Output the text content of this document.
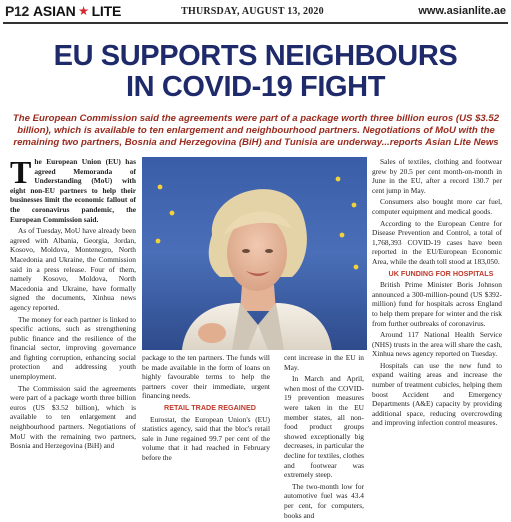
P12 ASIAN LITE	THURSDAY, AUGUST 13, 2020	www.asianlite.ae
EU SUPPORTS NEIGHBOURS
IN COVID-19 FIGHT
The European Commission said the agreements were part of a package worth three billion euros (US $3.52 billion), which is available to ten enlargement and neighbourhood partners. Negotiations of MoU with the remaining two partners, Bosnia and Herzegovina (BiH) and Tunisia are underway...reports Asian Lite News

The European Union (EU) has agreed Memoranda of Understanding (MoU) with eight non-EU partners to help their businesses limit the economic fallout of the coronavirus pandemic, the European Commission said.

As of Tuesday, MoU have already been agreed with Albania, Georgia, Jordan, Kosovo, Moldova, Montenegro, North Macedonia and Ukraine, the Commission said in a press release. Four of them, namely Kosovo, Moldova, North Macedonia and Ukraine, have formally signed the documents, Xinhua news agency reported.

The money for each partner is linked to specific actions, such as strengthening public finance and the resilience of the financial sector, improving governance and fighting corruption, enhancing social protection and addressing youth unemployment.

The Commission said the agreements were part of a package worth three billion euros (US $3.52 billion), which is available to ten enlargement and neighbourhood partners. Negotiations of MoU with the remaining two partners, Bosnia and Herzegovina (BiH) and

package to the ten partners. The funds will be made available in the form of loans on highly favourable terms to help the partners cover their immediate, urgent financing needs.

RETAIL TRADE REGAINED

Eurostat, the European Union's (EU) statistics agency, said that the bloc's retail sale in June regained 99.7 per cent of the volume that it had reached in February before the

cent increase in the EU in May.

In March and April, when most of the COVID-19 prevention measures were taken in the EU member states, all non-food product groups showed exceptionally big decreases, in particular the decline for textiles, clothes and footwear was extremely steep.

The two-month low for automotive fuel was 43.4 per cent, for computers, books and

Sales of textiles, clothing and footwear grew by 20.5 per cent month-on-month in June in the EU, after a record 130.7 per cent jump in May.

Consumers also bought more car fuel, computer equipment and medical goods.

According to the European Centre for Disease Prevention and Control, a total of 1,768,393 COVID-19 cases have been reported in the EU/European Economic Area, while the death toll stood at 183,050.

UK FUNDING FOR HOSPITALS

British Prime Minister Boris Johnson announced a 300-million-pound (US $392-million) fund for hospitals across England to help them prepare for winter and the risk from further outbreaks of coronavirus.

Around 117 National Health Service (NHS) trusts in the area will share the cash, Xinhua news agency reported on Tuesday.

Hospitals can use the new fund to expand waiting areas and increase the number of treatment cubicles, helping them boost Accident and Emergency Departments (A&E) capacity by providing additional space, reducing overcrowding and improving infection control measures.
